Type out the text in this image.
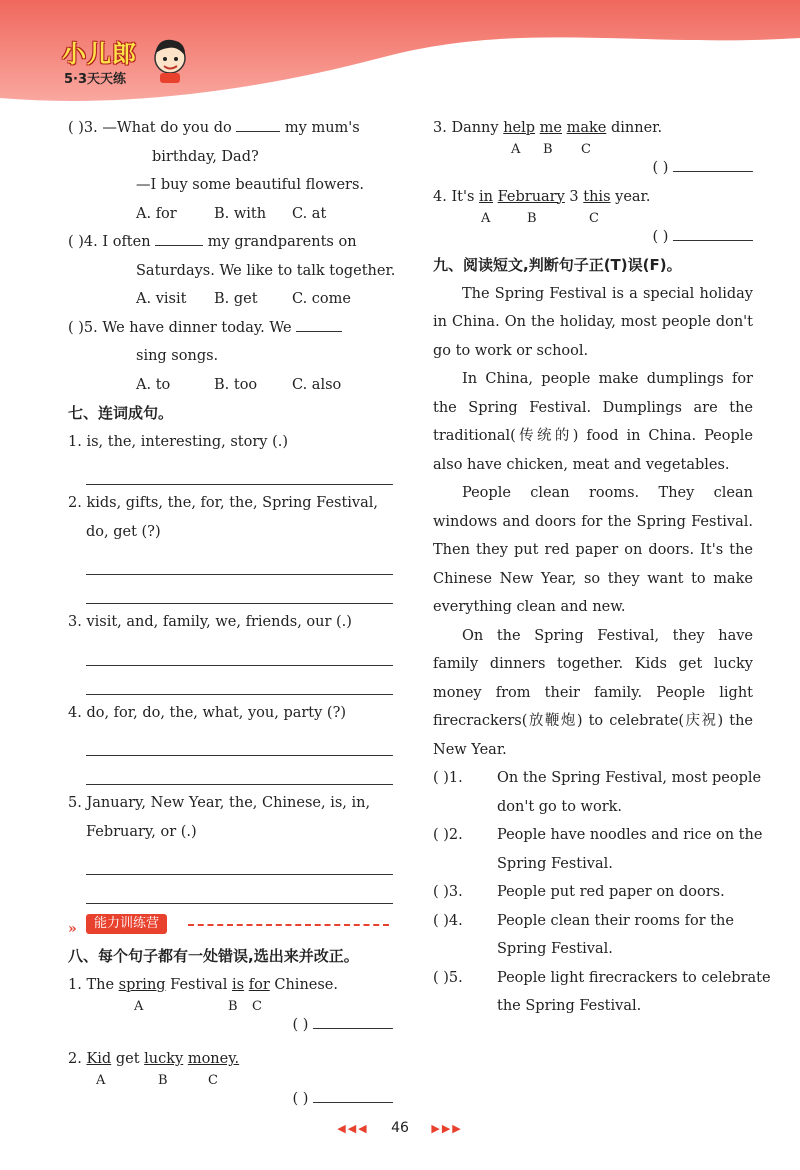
小儿郎
5·3天天练
( )3. —What do you do	my mum's
birthday, Dad?
—I buy some beautiful flowers.
A. for	B. with C. at
( )4. I often	my grandparents on
Saturdays. We like to talk together.
A. visit B. get C. come
( )5. We have dinner today. We
sing songs.
A. to	B. too C. also
七、连词成句。
1. is, the, interesting, story (.)
2. kids, gifts, the, for, the, Spring Festival,
do, get (?)
3. visit, and, family, we, friends, our (.)
4. do, for, do, the, what, you, party (?)
5. January, New Year, the, Chinese, is, in,
February, or (.)
»	能力训练营
八、每个句子都有一处错误,选出来并改正。
1. The spring Festival is for Chinese.
A	B C
( )
2. Kid get lucky money.
A	B	C
( )
3. Danny help me make dinner.
A B C
( )
4. It's in February 3 this year.
A	B	C
( )
九、阅读短文,判断句子正(T)误(F)。
The Spring Festival is a special holiday in China. On the holiday, most people don't go to work or school.
In China, people make dumplings for the Spring Festival. Dumplings are the traditional(传统的) food in China. People also have chicken, meat and vegetables.
People clean rooms. They clean windows and doors for the Spring Festival. Then they put red paper on doors. It's the Chinese New Year, so they want to make everything clean and new.
On the Spring Festival, they have family dinners together. Kids get lucky money from their family. People light firecrackers(放鞭炮) to celebrate(庆祝) the New Year.
( )1. On the Spring Festival, most people
don't go to work.
( )2. People have noodles and rice on the
Spring Festival.
( )3. People put red paper on doors.
( )4. People clean their rooms for the
Spring Festival.
( )5. People light firecrackers to celebrate
the Spring Festival.
◀◀◀ 46 ▶▶▶
